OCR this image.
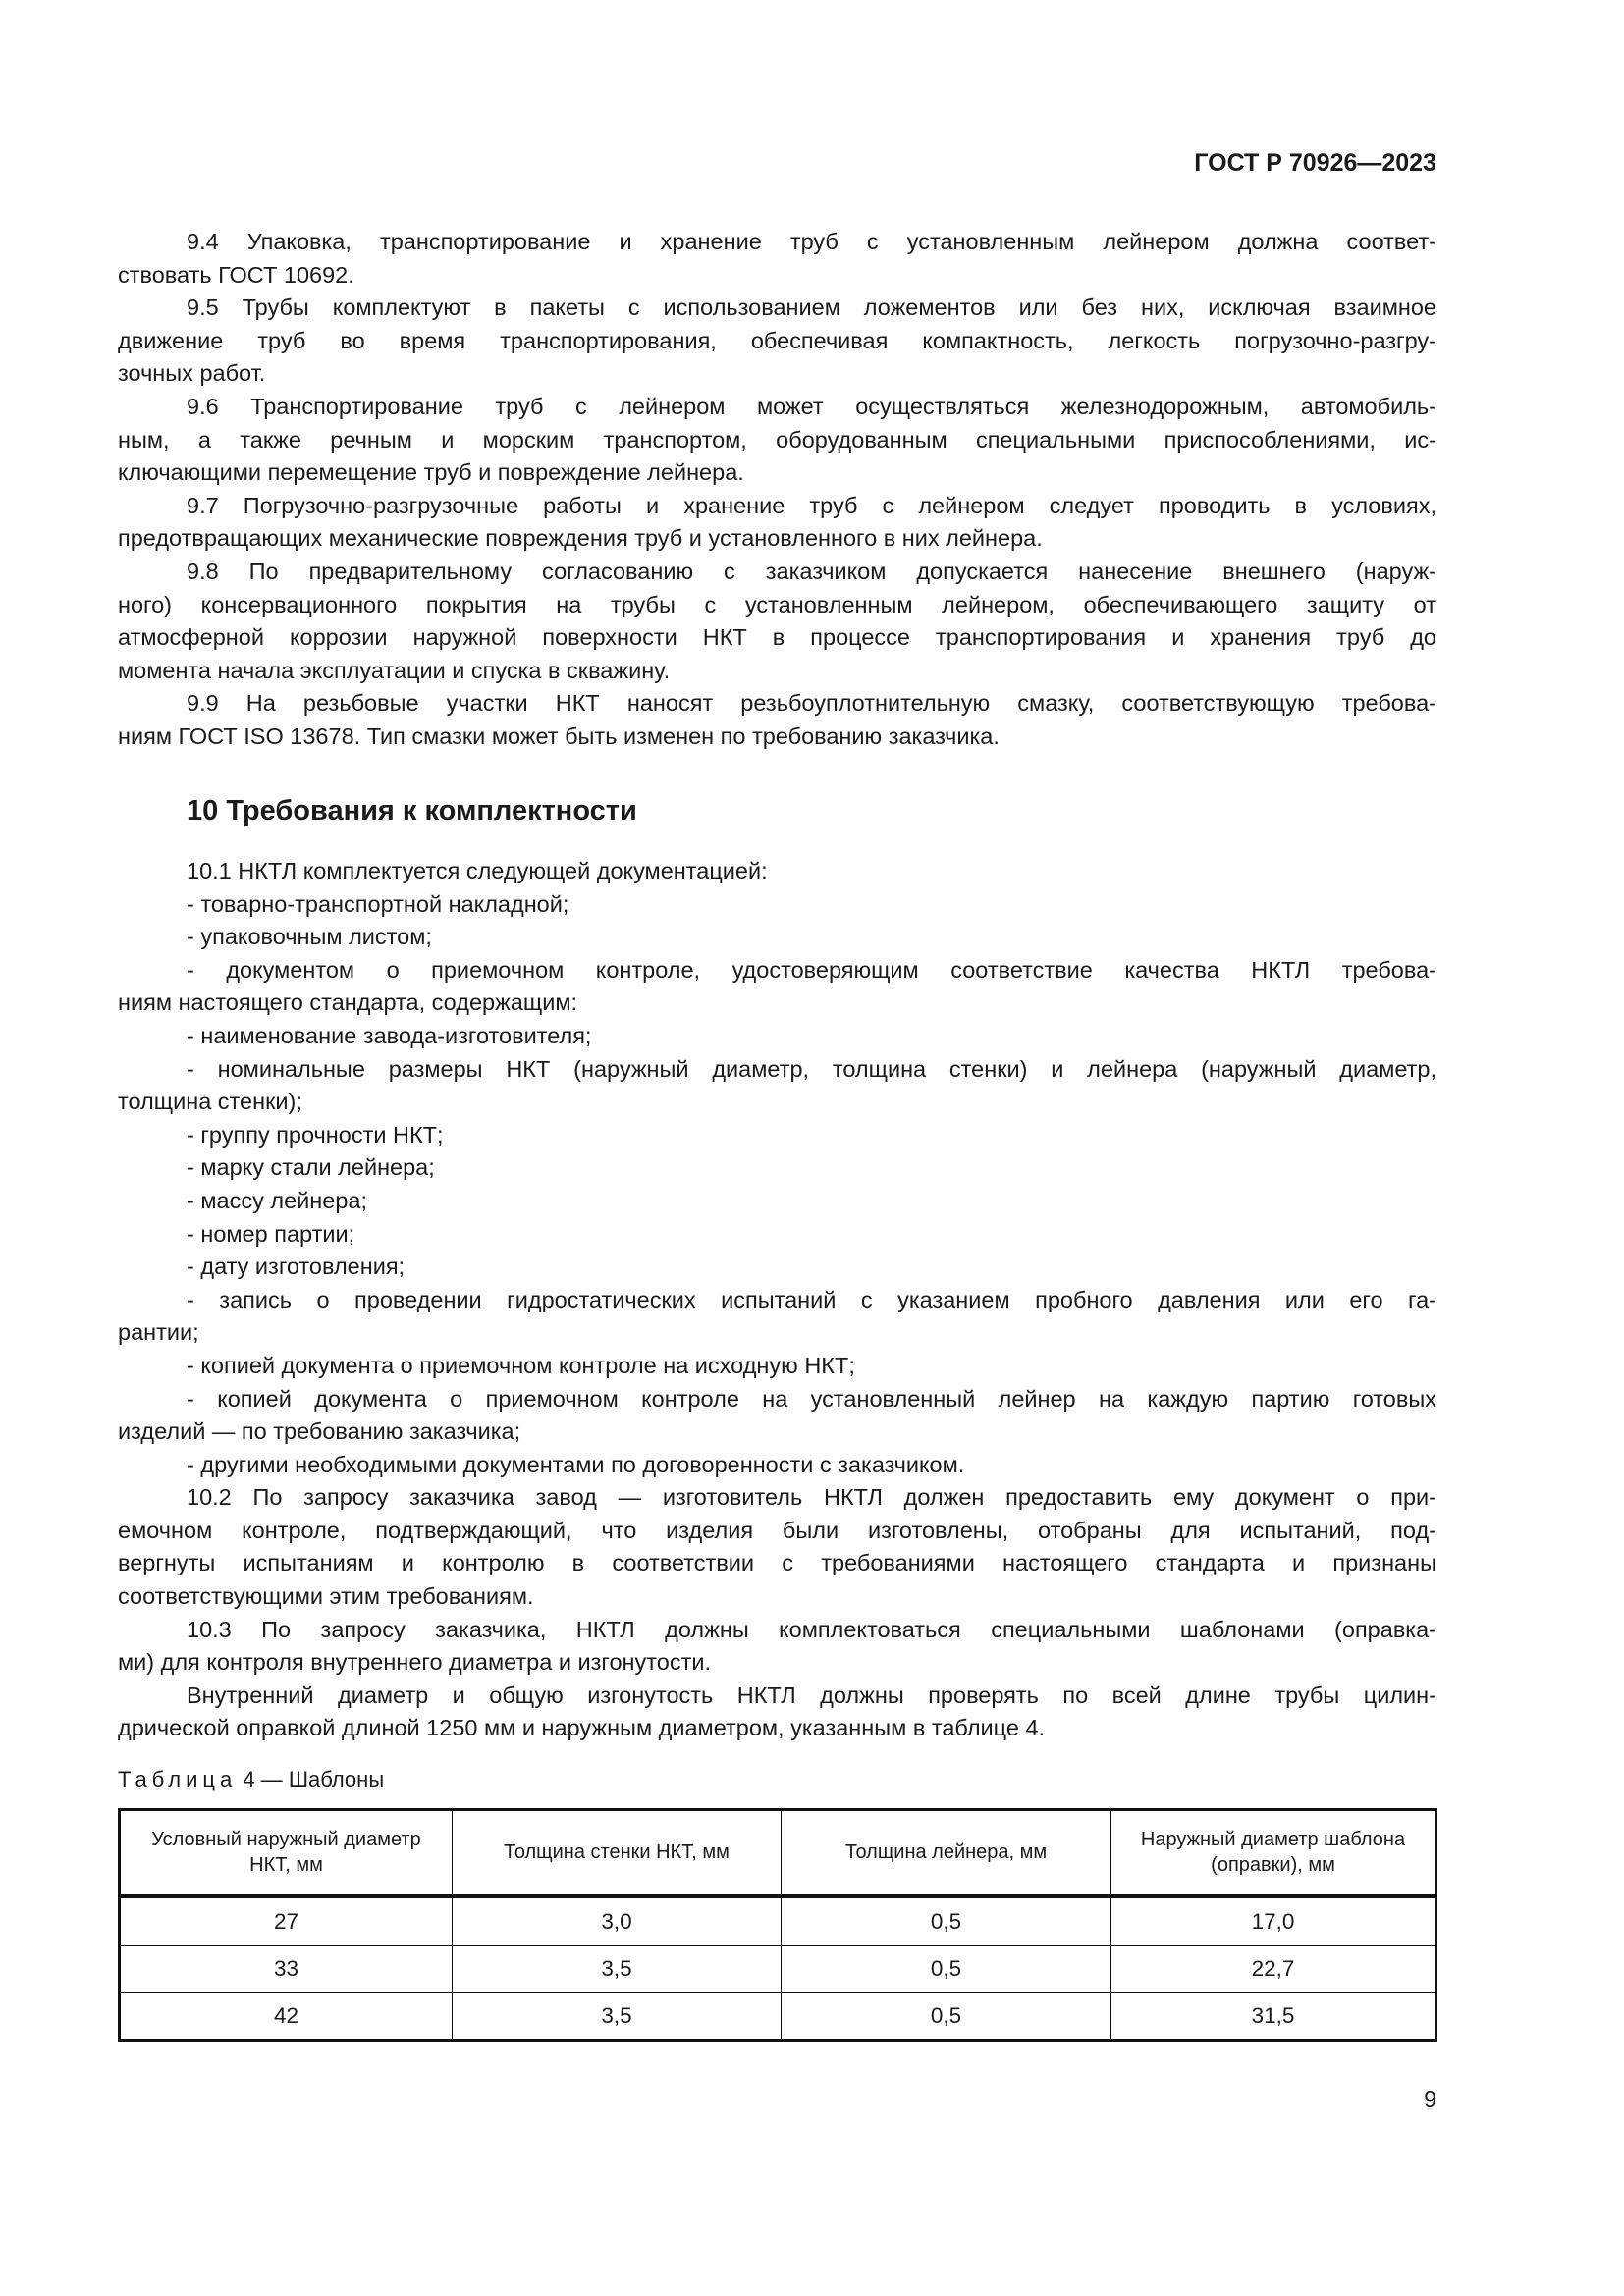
ГОСТ Р 70926—2023
9.4 Упаковка, транспортирование и хранение труб с установленным лейнером должна соответ-
ствовать ГОСТ 10692.
9.5 Трубы комплектуют в пакеты с использованием ложементов или без них, исключая взаимное
движение труб во время транспортирования, обеспечивая компактность, легкость погрузочно-разгру-
зочных работ.
9.6 Транспортирование труб с лейнером может осуществляться железнодорожным, автомобиль-
ным, а также речным и морским транспортом, оборудованным специальными приспособлениями, ис-
ключающими перемещение труб и повреждение лейнера.
9.7 Погрузочно-разгрузочные работы и хранение труб с лейнером следует проводить в условиях,
предотвращающих механические повреждения труб и установленного в них лейнера.
9.8 По предварительному согласованию с заказчиком допускается нанесение внешнего (наруж-
ного) консервационного покрытия на трубы с установленным лейнером, обеспечивающего защиту от
атмосферной коррозии наружной поверхности НКТ в процессе транспортирования и хранения труб до
момента начала эксплуатации и спуска в скважину.
9.9 На резьбовые участки НКТ наносят резьбоуплотнительную смазку, соответствующую требова-
ниям ГОСТ ISO 13678. Тип смазки может быть изменен по требованию заказчика.
10 Требования к комплектности
10.1 НКТЛ комплектуется следующей документацией:
- товарно-транспортной накладной;
- упаковочным листом;
- документом о приемочном контроле, удостоверяющим соответствие качества НКТЛ требова-
ниям настоящего стандарта, содержащим:
- наименование завода-изготовителя;
- номинальные размеры НКТ (наружный диаметр, толщина стенки) и лейнера (наружный диаметр,
толщина стенки);
- группу прочности НКТ;
- марку стали лейнера;
- массу лейнера;
- номер партии;
- дату изготовления;
- запись о проведении гидростатических испытаний с указанием пробного давления или его га-
рантии;
- копией документа о приемочном контроле на исходную НКТ;
- копией документа о приемочном контроле на установленный лейнер на каждую партию готовых
изделий — по требованию заказчика;
- другими необходимыми документами по договоренности с заказчиком.
10.2 По запросу заказчика завод — изготовитель НКТЛ должен предоставить ему документ о при-
емочном контроле, подтверждающий, что изделия были изготовлены, отобраны для испытаний, под-
вергнуты испытаниям и контролю в соответствии с требованиями настоящего стандарта и признаны
соответствующими этим требованиям.
10.3 По запросу заказчика, НКТЛ должны комплектоваться специальными шаблонами (оправка-
ми) для контроля внутреннего диаметра и изгонутости.
Внутренний диаметр и общую изгонутость НКТЛ должны проверять по всей длине трубы цилин-
дрической оправкой длиной 1250 мм и наружным диаметром, указанным в таблице 4.
Таблица 4 — Шаблоны
Условный наружный диаметр НКТ, мм	Толщина стенки НКТ, мм	Толщина лейнера, мм	Наружный диаметр шаблона (оправки), мм
27	3,0	0,5	17,0
33	3,5	0,5	22,7
42	3,5	0,5	31,5
9
